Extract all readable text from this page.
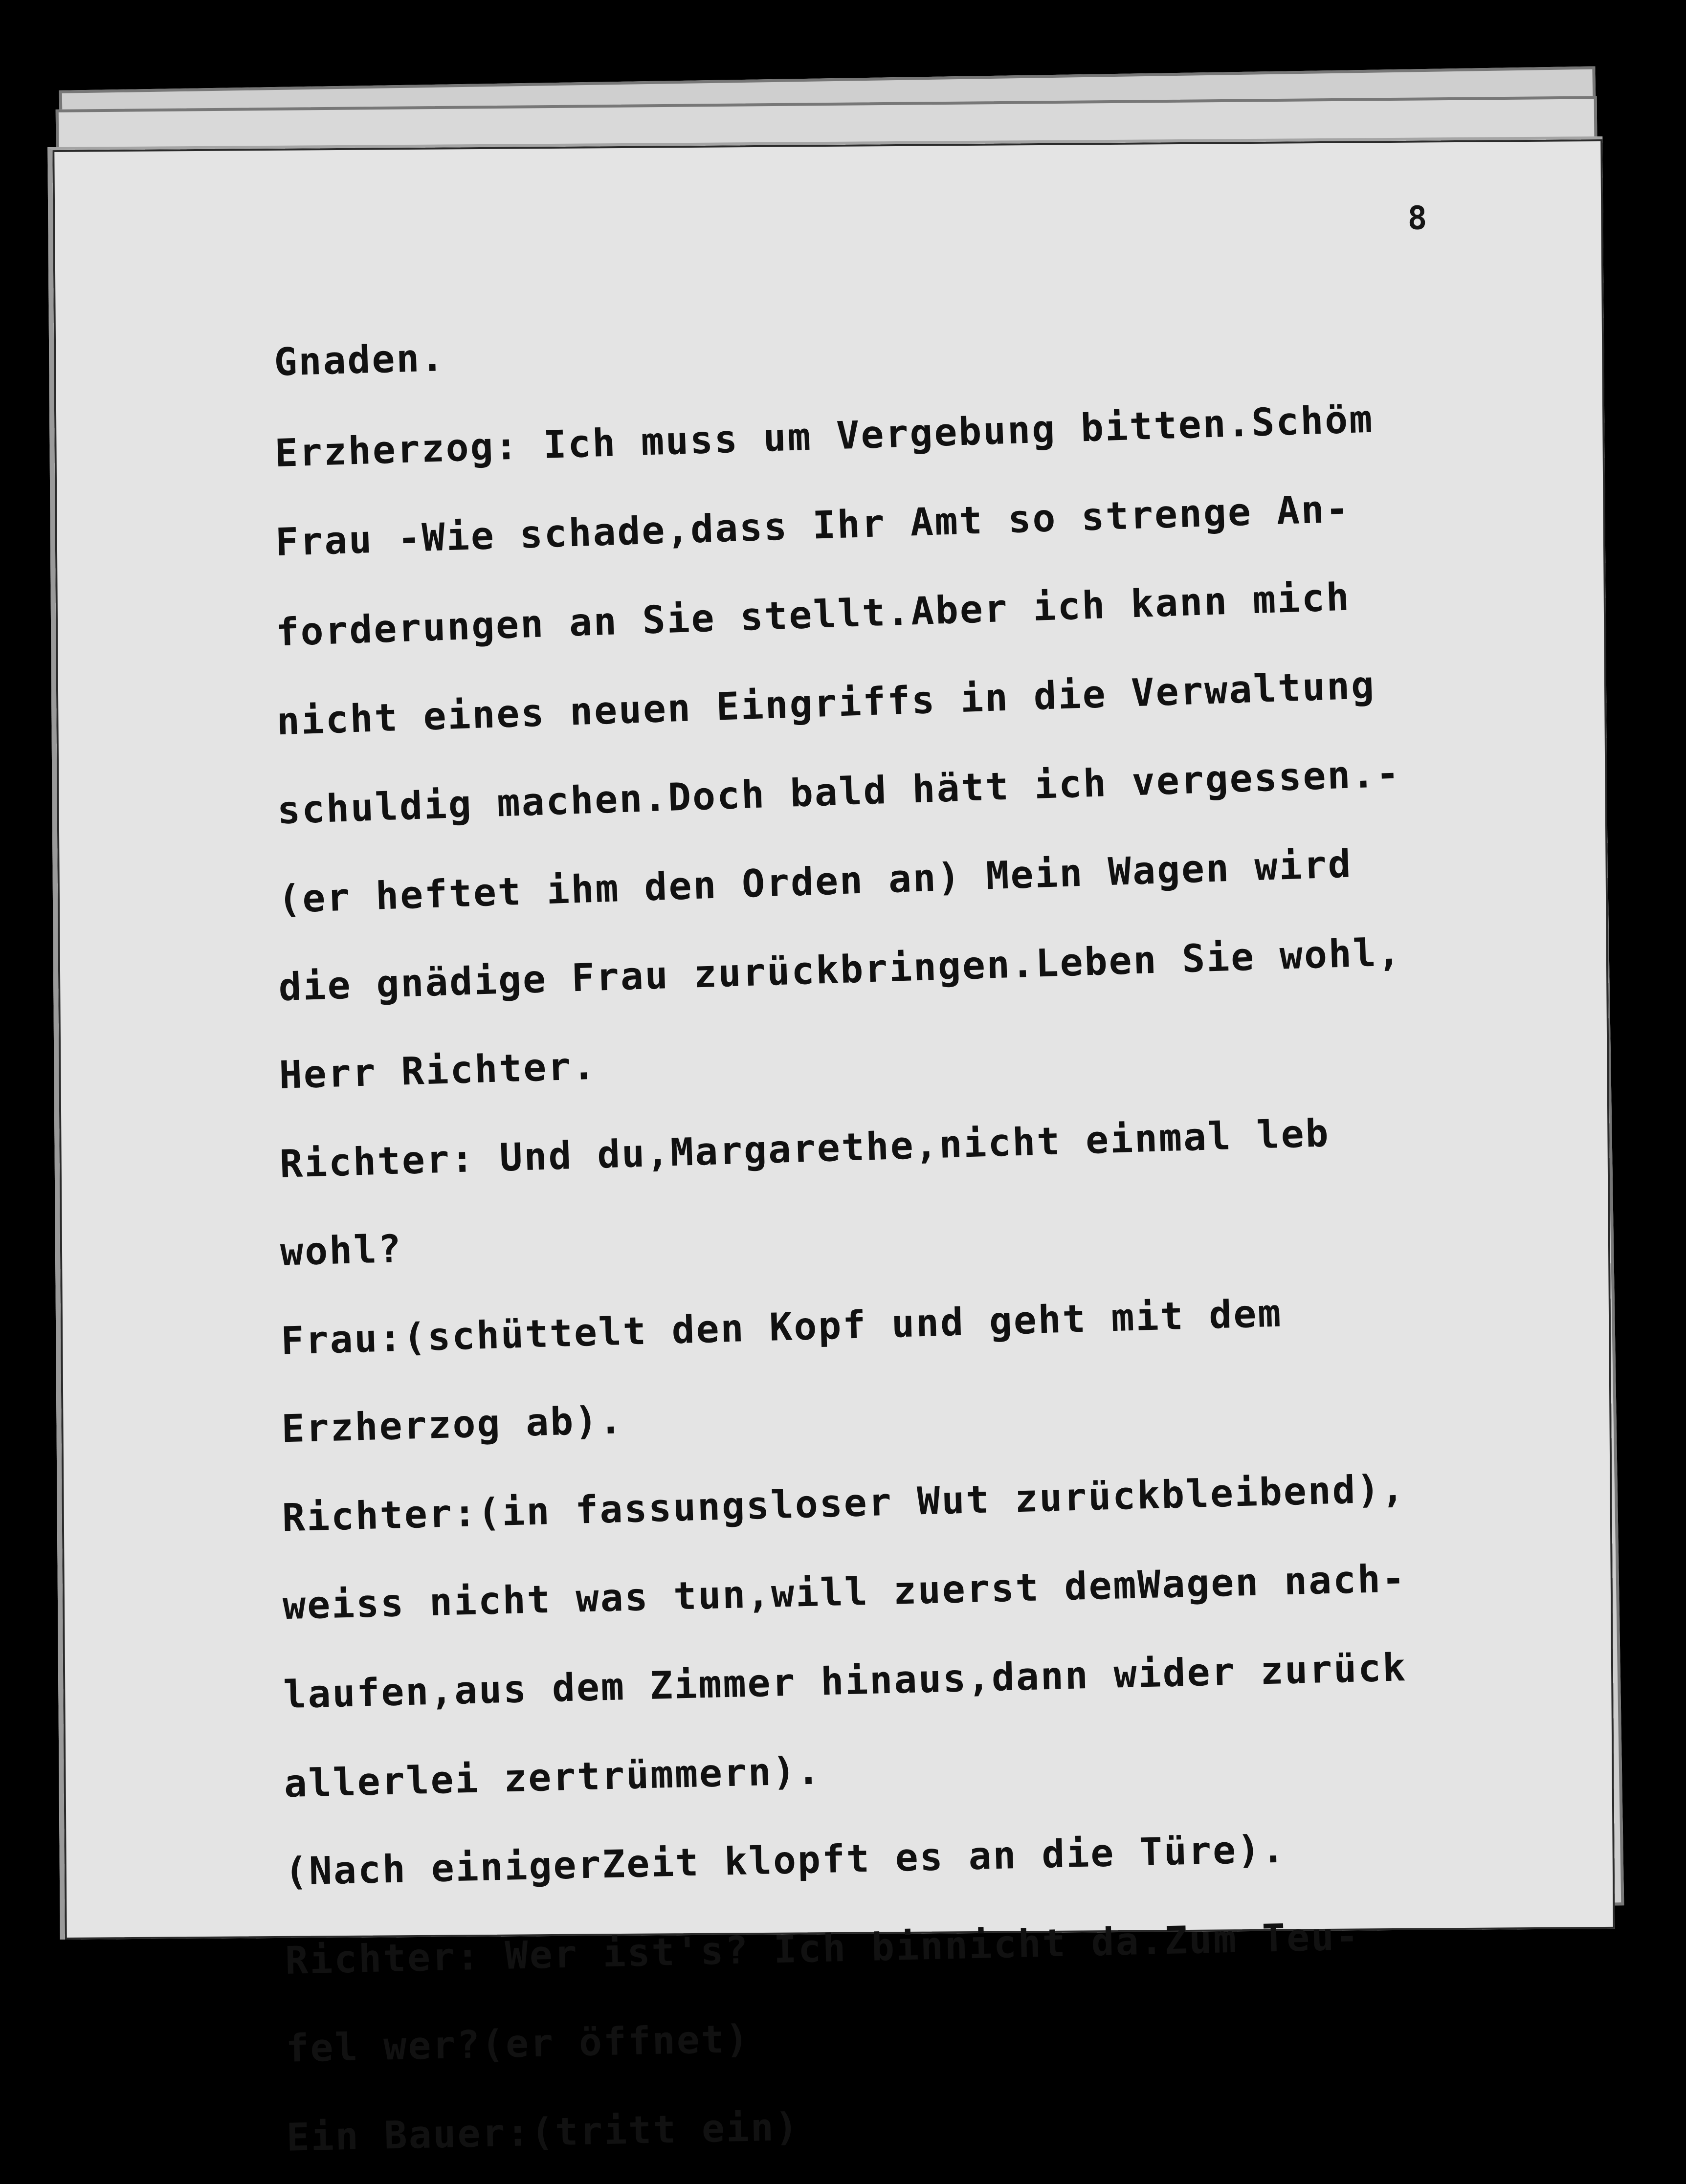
8
Gnaden.
Erzherzog: Ich muss um Vergebung bitten.Schöm
Frau -Wie schade,dass Ihr Amt so strenge An-
forderungen an Sie stellt.Aber ich kann mich
nicht eines neuen Eingriffs in die Verwaltung
schuldig machen.Doch bald hätt ich vergessen.-
(er heftet ihm den Orden an) Mein Wagen wird
die gnädige Frau zurückbringen.Leben Sie wohl,
Herr Richter.
Richter: Und du,Margarethe,nicht einmal leb
wohl?
Frau:(schüttelt den Kopf und geht mit dem
Erzherzog ab).
Richter:(in fassungsloser Wut zurückbleibend),
weiss nicht was tun,will zuerst demWagen nach-
laufen,aus dem Zimmer hinaus,dann wider zurück
allerlei zertrümmern).
(Nach einigerZeit klopft es an die Türe).
Richter: Wer ist's? Ich binnicht da.Zum Teu-
fel wer?(er öffnet)
Ein Bauer:(tritt ein)
